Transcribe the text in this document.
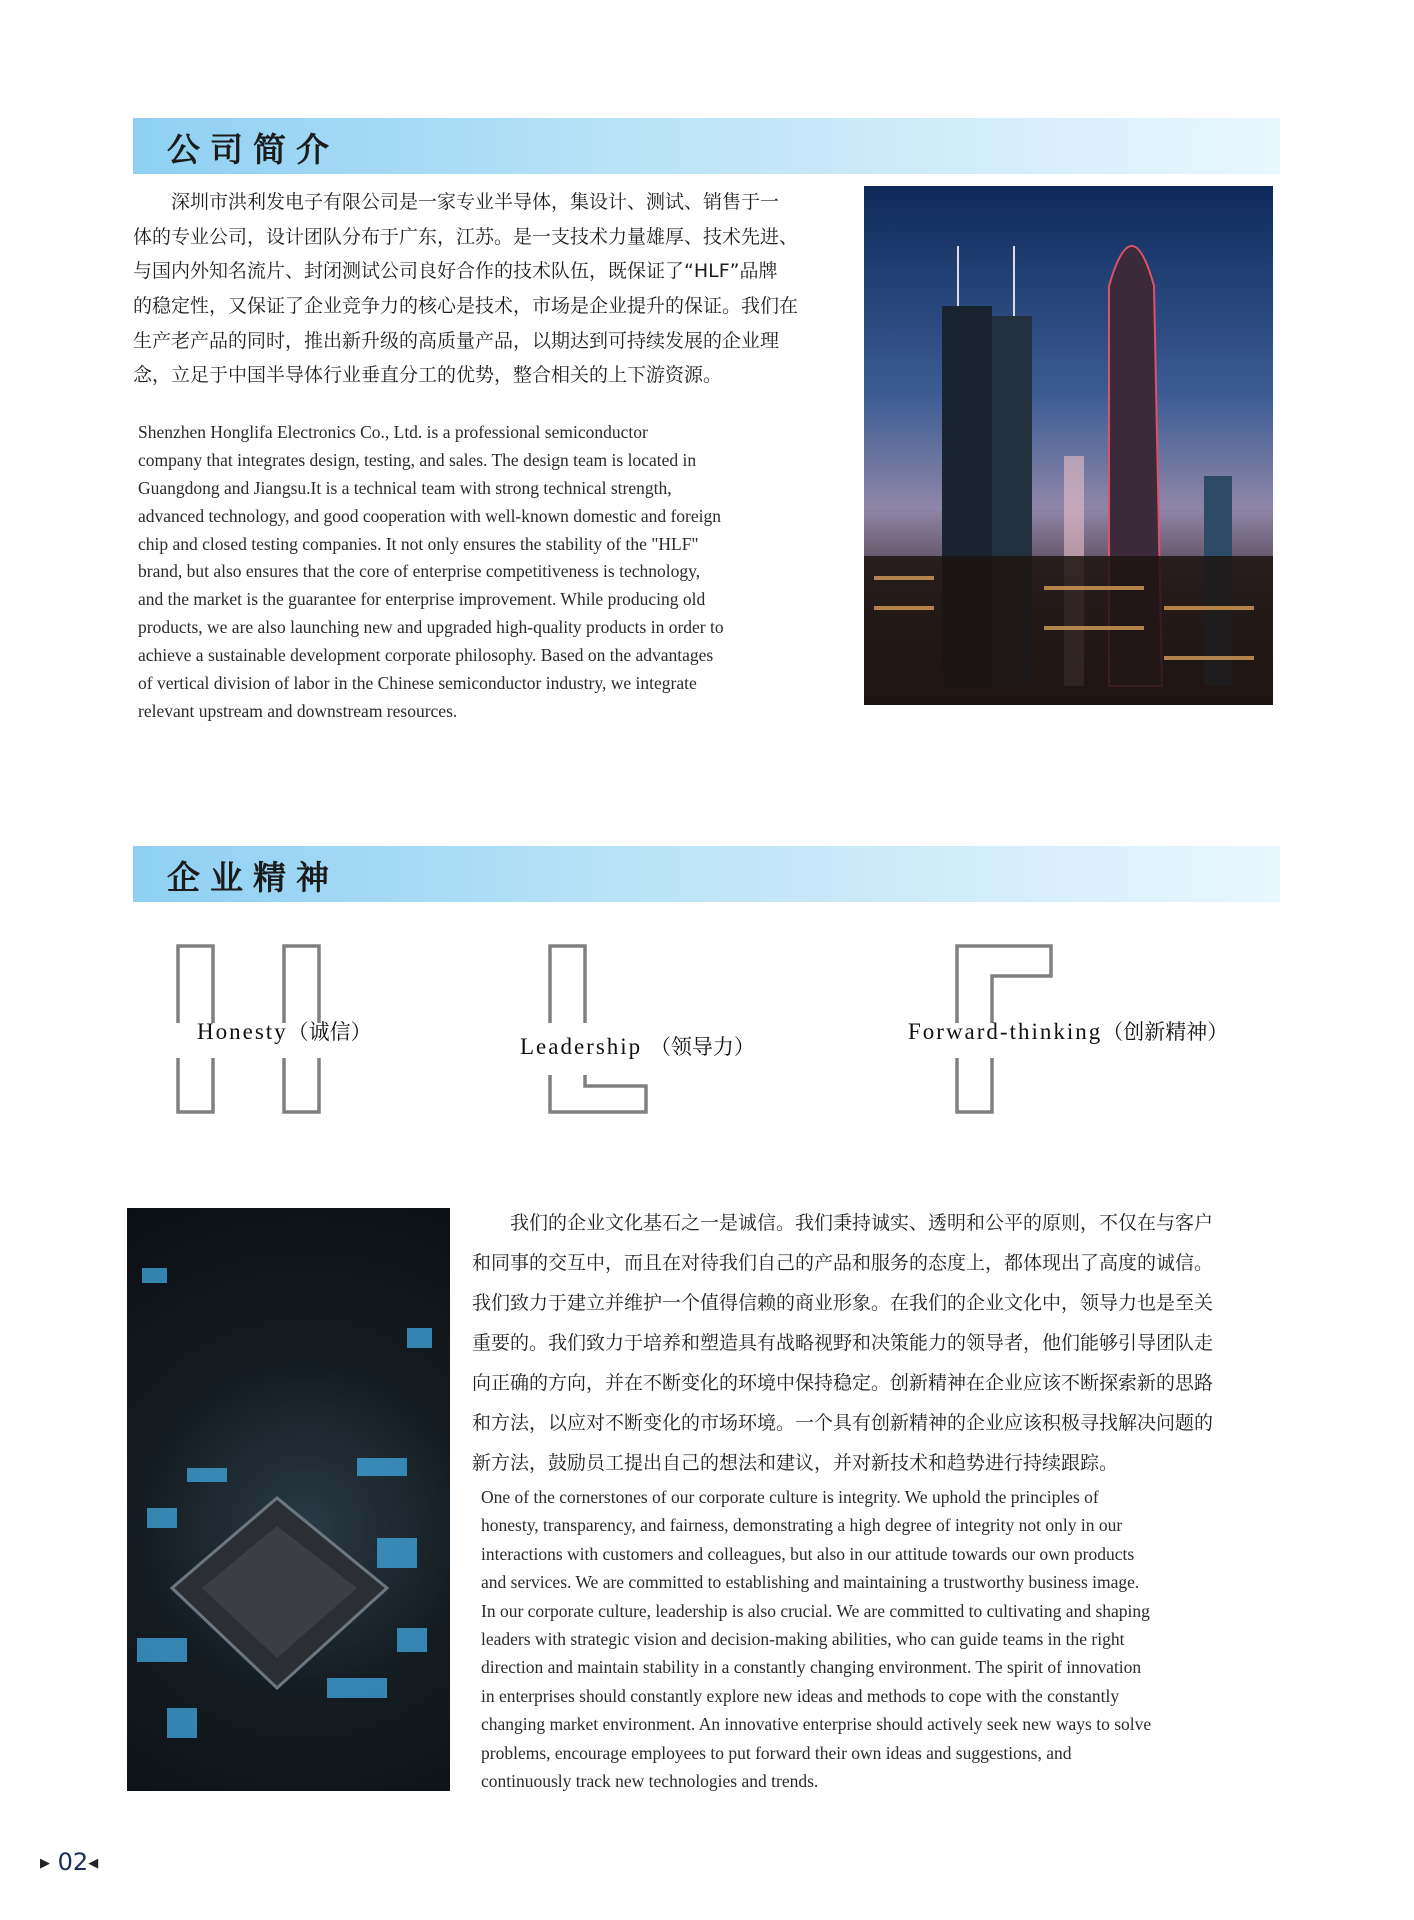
公司简介
　　深圳市洪利发电子有限公司是一家专业半导体，集设计、测试、销售于一
体的专业公司，设计团队分布于广东，江苏。是一支技术力量雄厚、技术先进、
与国内外知名流片、封闭测试公司良好合作的技术队伍，既保证了“HLF”品牌
的稳定性，又保证了企业竞争力的核心是技术，市场是企业提升的保证。我们在
生产老产品的同时，推出新升级的高质量产品，以期达到可持续发展的企业理
念，立足于中国半导体行业垂直分工的优势，整合相关的上下游资源。
Shenzhen Honglifa Electronics Co., Ltd. is a professional semiconductor
company that integrates design, testing, and sales. The design team is located in
Guangdong and Jiangsu.It is a technical team with strong technical strength,
advanced technology, and good cooperation with well-known domestic and foreign
chip and closed testing companies. It not only ensures the stability of the "HLF"
brand, but also ensures that the core of enterprise competitiveness is technology,
and the market is the guarantee for enterprise improvement. While producing old
products, we are also launching new and upgraded high-quality products in order to
achieve a sustainable development corporate philosophy. Based on the advantages
of vertical division of labor in the Chinese semiconductor industry, we integrate
relevant upstream and downstream resources.
企业精神
Honesty（诚信）
Leadership （领导力）
Forward-thinking（创新精神）
　　我们的企业文化基石之一是诚信。我们秉持诚实、透明和公平的原则，不仅在与客户
和同事的交互中，而且在对待我们自己的产品和服务的态度上，都体现出了高度的诚信。
我们致力于建立并维护一个值得信赖的商业形象。在我们的企业文化中，领导力也是至关
重要的。我们致力于培养和塑造具有战略视野和决策能力的领导者，他们能够引导团队走
向正确的方向，并在不断变化的环境中保持稳定。创新精神在企业应该不断探索新的思路
和方法，以应对不断变化的市场环境。一个具有创新精神的企业应该积极寻找解决问题的
新方法，鼓励员工提出自己的想法和建议，并对新技术和趋势进行持续跟踪。
One of the cornerstones of our corporate culture is integrity. We uphold the principles of
honesty, transparency, and fairness, demonstrating a high degree of integrity not only in our
interactions with customers and colleagues, but also in our attitude towards our own products
and services. We are committed to establishing and maintaining a trustworthy business image.
In our corporate culture, leadership is also crucial. We are committed to cultivating and shaping
leaders with strategic vision and decision-making abilities, who can guide teams in the right
direction and maintain stability in a constantly changing environment. The spirit of innovation
in enterprises should constantly explore new ideas and methods to cope with the constantly
changing market environment. An innovative enterprise should actively seek new ways to solve
problems, encourage employees to put forward their own ideas and suggestions, and
continuously track new technologies and trends.
▶ 02◀
